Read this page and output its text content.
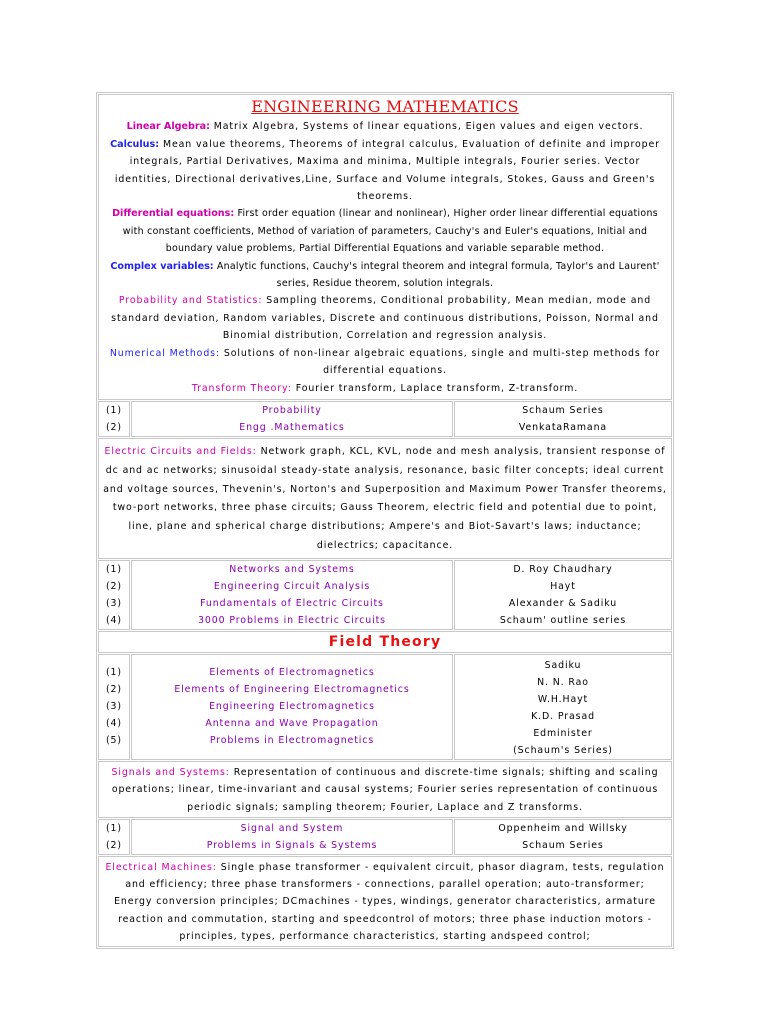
ENGINEERING MATHEMATICS

Linear Algebra: Matrix Algebra, Systems of linear equations, Eigen values and eigen vectors.

Calculus: Mean value theorems, Theorems of integral calculus, Evaluation of definite and improper integrals, Partial Derivatives, Maxima and minima, Multiple integrals, Fourier series. Vector identities, Directional derivatives,Line, Surface and Volume integrals, Stokes, Gauss and Green's theorems.

Differential equations: First order equation (linear and nonlinear), Higher order linear differential equations with constant coefficients, Method of variation of parameters, Cauchy's and Euler's equations, Initial and boundary value problems, Partial Differential Equations and variable separable method.

Complex variables: Analytic functions, Cauchy's integral theorem and integral formula, Taylor's and Laurent' series, Residue theorem, solution integrals.

Probability and Statistics: Sampling theorems, Conditional probability, Mean median, mode and standard deviation, Random variables, Discrete and continuous distributions, Poisson, Normal and Binomial distribution, Correlation and regression analysis.

Numerical Methods: Solutions of non-linear algebraic equations, single and multi-step methods for differential equations.

Transform Theory: Fourier transform, Laplace transform, Z-transform.

(1)
(2)
Probability
Engg .Mathematics
Schaum Series
VenkataRamana

Electric Circuits and Fields: Network graph, KCL, KVL, node and mesh analysis, transient response of dc and ac networks; sinusoidal steady-state analysis, resonance, basic filter concepts; ideal current and voltage sources, Thevenin's, Norton's and Superposition and Maximum Power Transfer theorems, two-port networks, three phase circuits; Gauss Theorem, electric field and potential due to point, line, plane and spherical charge distributions; Ampere's and Biot-Savart's laws; inductance; dielectrics; capacitance.

(1)
(2)
(3)
(4)
Networks and Systems
Engineering Circuit Analysis
Fundamentals of Electric Circuits
3000 Problems in Electric Circuits
D. Roy Chaudhary
Hayt
Alexander & Sadiku
Schaum' outline series

Field Theory

(1)
(2)
(3)
(4)
(5)
Elements of Electromagnetics
Elements of Engineering Electromagnetics
Engineering Electromagnetics
Antenna and Wave Propagation
Problems in Electromagnetics
Sadiku
N. N. Rao
W.H.Hayt
K.D. Prasad
Edminister
(Schaum's Series)

Signals and Systems: Representation of continuous and discrete-time signals; shifting and scaling operations; linear, time-invariant and causal systems; Fourier series representation of continuous periodic signals; sampling theorem; Fourier, Laplace and Z transforms.

(1)
(2)
Signal and System
Problems in Signals & Systems
Oppenheim and Willsky
Schaum Series

Electrical Machines: Single phase transformer - equivalent circuit, phasor diagram, tests, regulation and efficiency; three phase transformers - connections, parallel operation; auto-transformer;

Energy conversion principles; DCmachines - types, windings, generator characteristics, armature reaction and commutation, starting and speedcontrol of motors; three phase induction motors - principles, types, performance characteristics, starting andspeed control;
